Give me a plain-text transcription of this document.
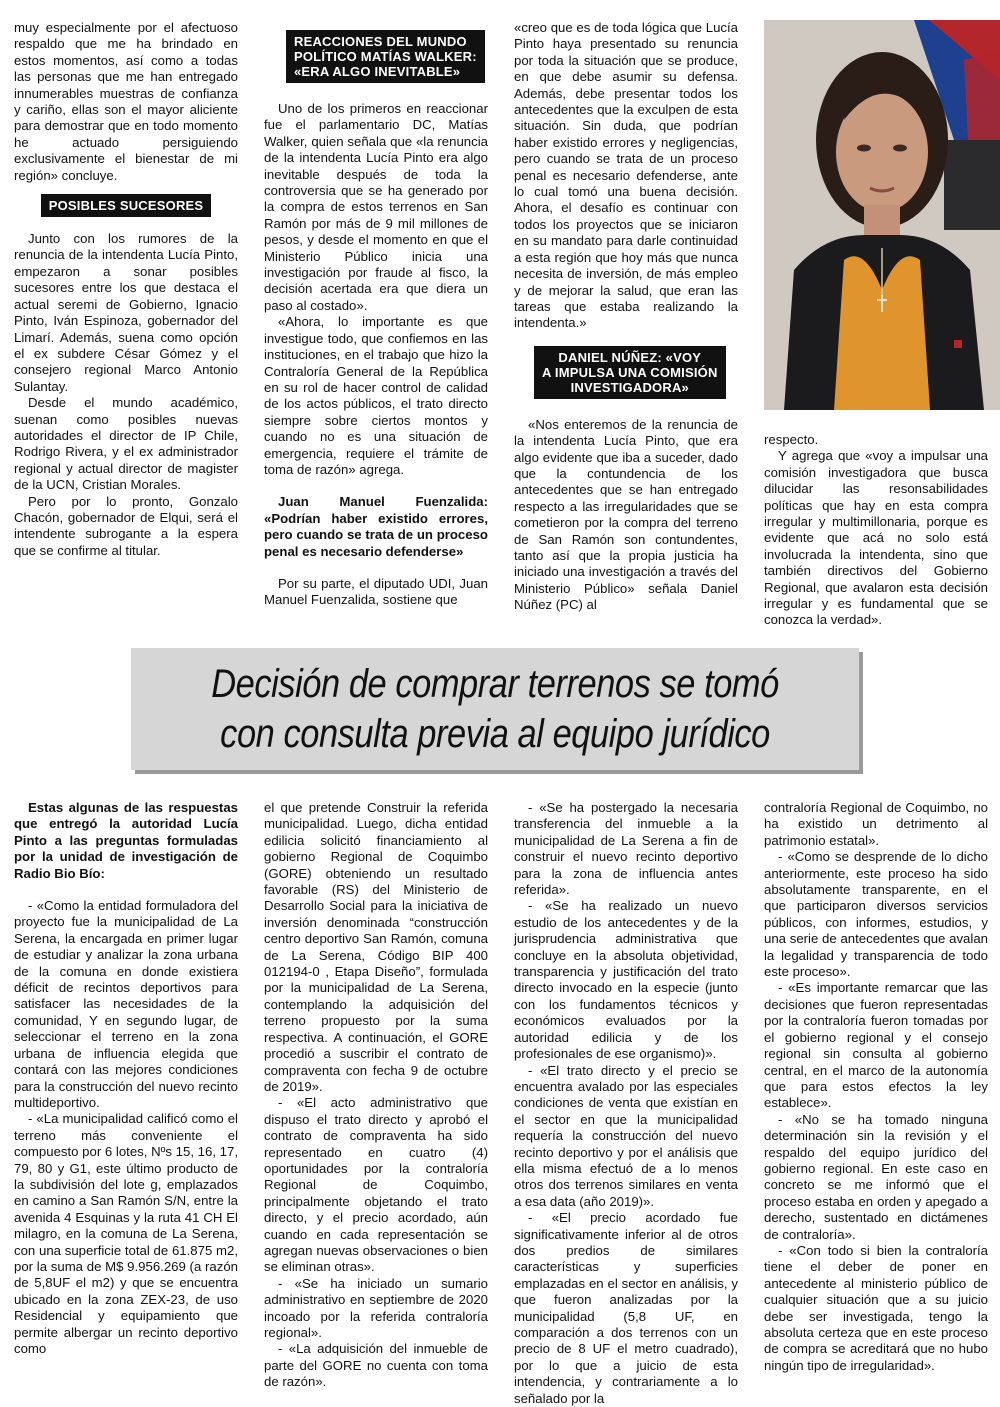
muy especialmente por el afectuoso respaldo que me ha brindado en estos momentos, así como a todas las personas que me han entregado innumerables muestras de confianza y cariño, ellas son el mayor aliciente para demostrar que en todo momento he actuado persiguiendo exclusivamente el bienestar de mi región» concluye.

POSIBLES SUCESORES

Junto con los rumores de la renuncia de la intendenta Lucía Pinto, empezaron a sonar posibles sucesores entre los que destaca el actual seremi de Gobierno, Ignacio Pinto, Iván Espinoza, gobernador del Limarí. Además, suena como opción el ex subdere César Gómez y el consejero regional Marco Antonio Sulantay.

Desde el mundo académico, suenan como posibles nuevas autoridades el director de IP Chile, Rodrigo Rivera, y el ex administrador regional y actual director de magister de la UCN, Cristian Morales.

Pero por lo pronto, Gonzalo Chacón, gobernador de Elqui, será el intendente subrogante a la espera que se confirme al titular.

REACCIONES DEL MUNDO
POLÍTICO MATÍAS WALKER:
«ERA ALGO INEVITABLE»

Uno de los primeros en reaccionar fue el parlamentario DC, Matías Walker, quien señala que «la renuncia de la intendenta Lucía Pinto era algo inevitable después de toda la controversia que se ha generado por la compra de estos terrenos en San Ramón por más de 9 mil millones de pesos, y desde el momento en que el Ministerio Público inicia una investigación por fraude al fisco, la decisión acertada era que diera un paso al costado».

«Ahora, lo importante es que investigue todo, que confiemos en las instituciones, en el trabajo que hizo la Contraloría General de la República en su rol de hacer control de calidad de los actos públicos, el trato directo siempre sobre ciertos montos y cuando no es una situación de emergencia, requiere el trámite de toma de razón» agrega.

Juan Manuel Fuenzalida: «Podrían haber existido errores, pero cuando se trata de un proceso penal es necesario defenderse»

Por su parte, el diputado UDI, Juan Manuel Fuenzalida, sostiene que

«creo que es de toda lógica que Lucía Pinto haya presentado su renuncia por toda la situación que se produce, en que debe asumir su defensa. Además, debe presentar todos los antecedentes que la exculpen de esta situación. Sin duda, que podrían haber existido errores y negligencias, pero cuando se trata de un proceso penal es necesario defenderse, ante lo cual tomó una buena decisión. Ahora, el desafío es continuar con todos los proyectos que se iniciaron en su mandato para darle continuidad a esta región que hoy más que nunca necesita de inversión, de más empleo y de mejorar la salud, que eran las tareas que estaba realizando la intendenta.»

DANIEL NÚÑEZ: «VOY
A IMPULSA UNA COMISIÓN
INVESTIGADORA»

«Nos enteremos de la renuncia de la intendenta Lucía Pinto, que era algo evidente que iba a suceder, dado que la contundencia de los antecedentes que se han entregado respecto a las irregularidades que se cometieron por la compra del terreno de San Ramón son contundentes, tanto así que la propia justicia ha iniciado una investigación a través del Ministerio Público» señala Daniel Núñez (PC) al

respecto.

Y agrega que «voy a impulsar una comisión investigadora que busca dilucidar las resonsabilidades políticas que hay en esta compra irregular y multimillonaria, porque es evidente que acá no solo está involucrada la intendenta, sino que también directivos del Gobierno Regional, que avalaron esta decisión irregular y es fundamental que se conozca la verdad».

Decisión de comprar terrenos se tomó
con consulta previa al equipo jurídico

Estas algunas de las respuestas que entregó la autoridad Lucía Pinto a las preguntas formuladas por la unidad de investigación de Radio Bio Bío:

- «Como la entidad formuladora del proyecto fue la municipalidad de La Serena, la encargada en primer lugar de estudiar y analizar la zona urbana de la comuna en donde existiera déficit de recintos deportivos para satisfacer las necesidades de la comunidad, Y en segundo lugar, de seleccionar el terreno en la zona urbana de influencia elegida que contará con las mejores condiciones para la construcción del nuevo recinto multideportivo.

- «La municipalidad calificó como el terreno más conveniente el compuesto por 6 lotes, Nºs 15, 16, 17, 79, 80 y G1, este último producto de la subdivisión del lote g, emplazados en camino a San Ramón S/N, entre la avenida 4 Esquinas y la ruta 41 CH El milagro, en la comuna de La Serena, con una superficie total de 61.875 m2, por la suma de M$ 9.956.269 (a razón de 5,8UF el m2) y que se encuentra ubicado en la zona ZEX-23, de uso Residencial y equipamiento que permite albergar un recinto deportivo como

el que pretende Construir la referida municipalidad. Luego, dicha entidad edilicia solicitó financiamiento al gobierno Regional de Coquimbo (GORE) obteniendo un resultado favorable (RS) del Ministerio de Desarrollo Social para la iniciativa de inversión denominada “construcción centro deportivo San Ramón, comuna de La Serena, Código BIP 400 012194-0 , Etapa Diseño”, formulada por la municipalidad de La Serena, contemplando la adquisición del terreno propuesto por la suma respectiva. A continuación, el GORE procedió a suscribir el contrato de compraventa con fecha 9 de octubre de 2019».

- «El acto administrativo que dispuso el trato directo y aprobó el contrato de compraventa ha sido representado en cuatro (4) oportunidades por la contraloría Regional de Coquimbo, principalmente objetando el trato directo, y el precio acordado, aún cuando en cada representación se agregan nuevas observaciones o bien se eliminan otras».

- «Se ha iniciado un sumario administrativo en septiembre de 2020 incoado por la referida contraloría regional».

- «La adquisición del inmueble de parte del GORE no cuenta con toma de razón».

- «Se ha postergado la necesaria transferencia del inmueble a la municipalidad de La Serena a fin de construir el nuevo recinto deportivo para la zona de influencia antes referida».

- «Se ha realizado un nuevo estudio de los antecedentes y de la jurisprudencia administrativa que concluye en la absoluta objetividad, transparencia y justificación del trato directo invocado en la especie (junto con los fundamentos técnicos y económicos evaluados por la autoridad edilicia y de los profesionales de ese organismo)».

- «El trato directo y el precio se encuentra avalado por las especiales condiciones de venta que existían en el sector en que la municipalidad requería la construcción del nuevo recinto deportivo y por el análisis que ella misma efectuó de a lo menos otros dos terrenos similares en venta a esa data (año 2019)».

- «El precio acordado fue significativamente inferior al de otros dos predios de similares características y superficies emplazadas en el sector en análisis, y que fueron analizadas por la municipalidad (5,8 UF, en comparación a dos terrenos con un precio de 8 UF el metro cuadrado), por lo que a juicio de esta intendencia, y contrariamente a lo señalado por la

contraloría Regional de Coquimbo, no ha existido un detrimento al patrimonio estatal».

- «Como se desprende de lo dicho anteriormente, este proceso ha sido absolutamente transparente, en el que participaron diversos servicios públicos, con informes, estudios, y una serie de antecedentes que avalan la legalidad y transparencia de todo este proceso».

- «Es importante remarcar que las decisiones que fueron representadas por la contraloría fueron tomadas por el gobierno regional y el consejo regional sin consulta al gobierno central, en el marco de la autonomía que para estos efectos la ley establece».

- «No se ha tomado ninguna determinación sin la revisión y el respaldo del equipo jurídico del gobierno regional. En este caso en concreto se me informó que el proceso estaba en orden y apegado a derecho, sustentado en dictámenes de contraloría».

- «Con todo si bien la contraloría tiene el deber de poner en antecedente al ministerio público de cualquier situación que a su juicio debe ser investigada, tengo la absoluta certeza que en este proceso de compra se acreditará que no hubo ningún tipo de irregularidad».
